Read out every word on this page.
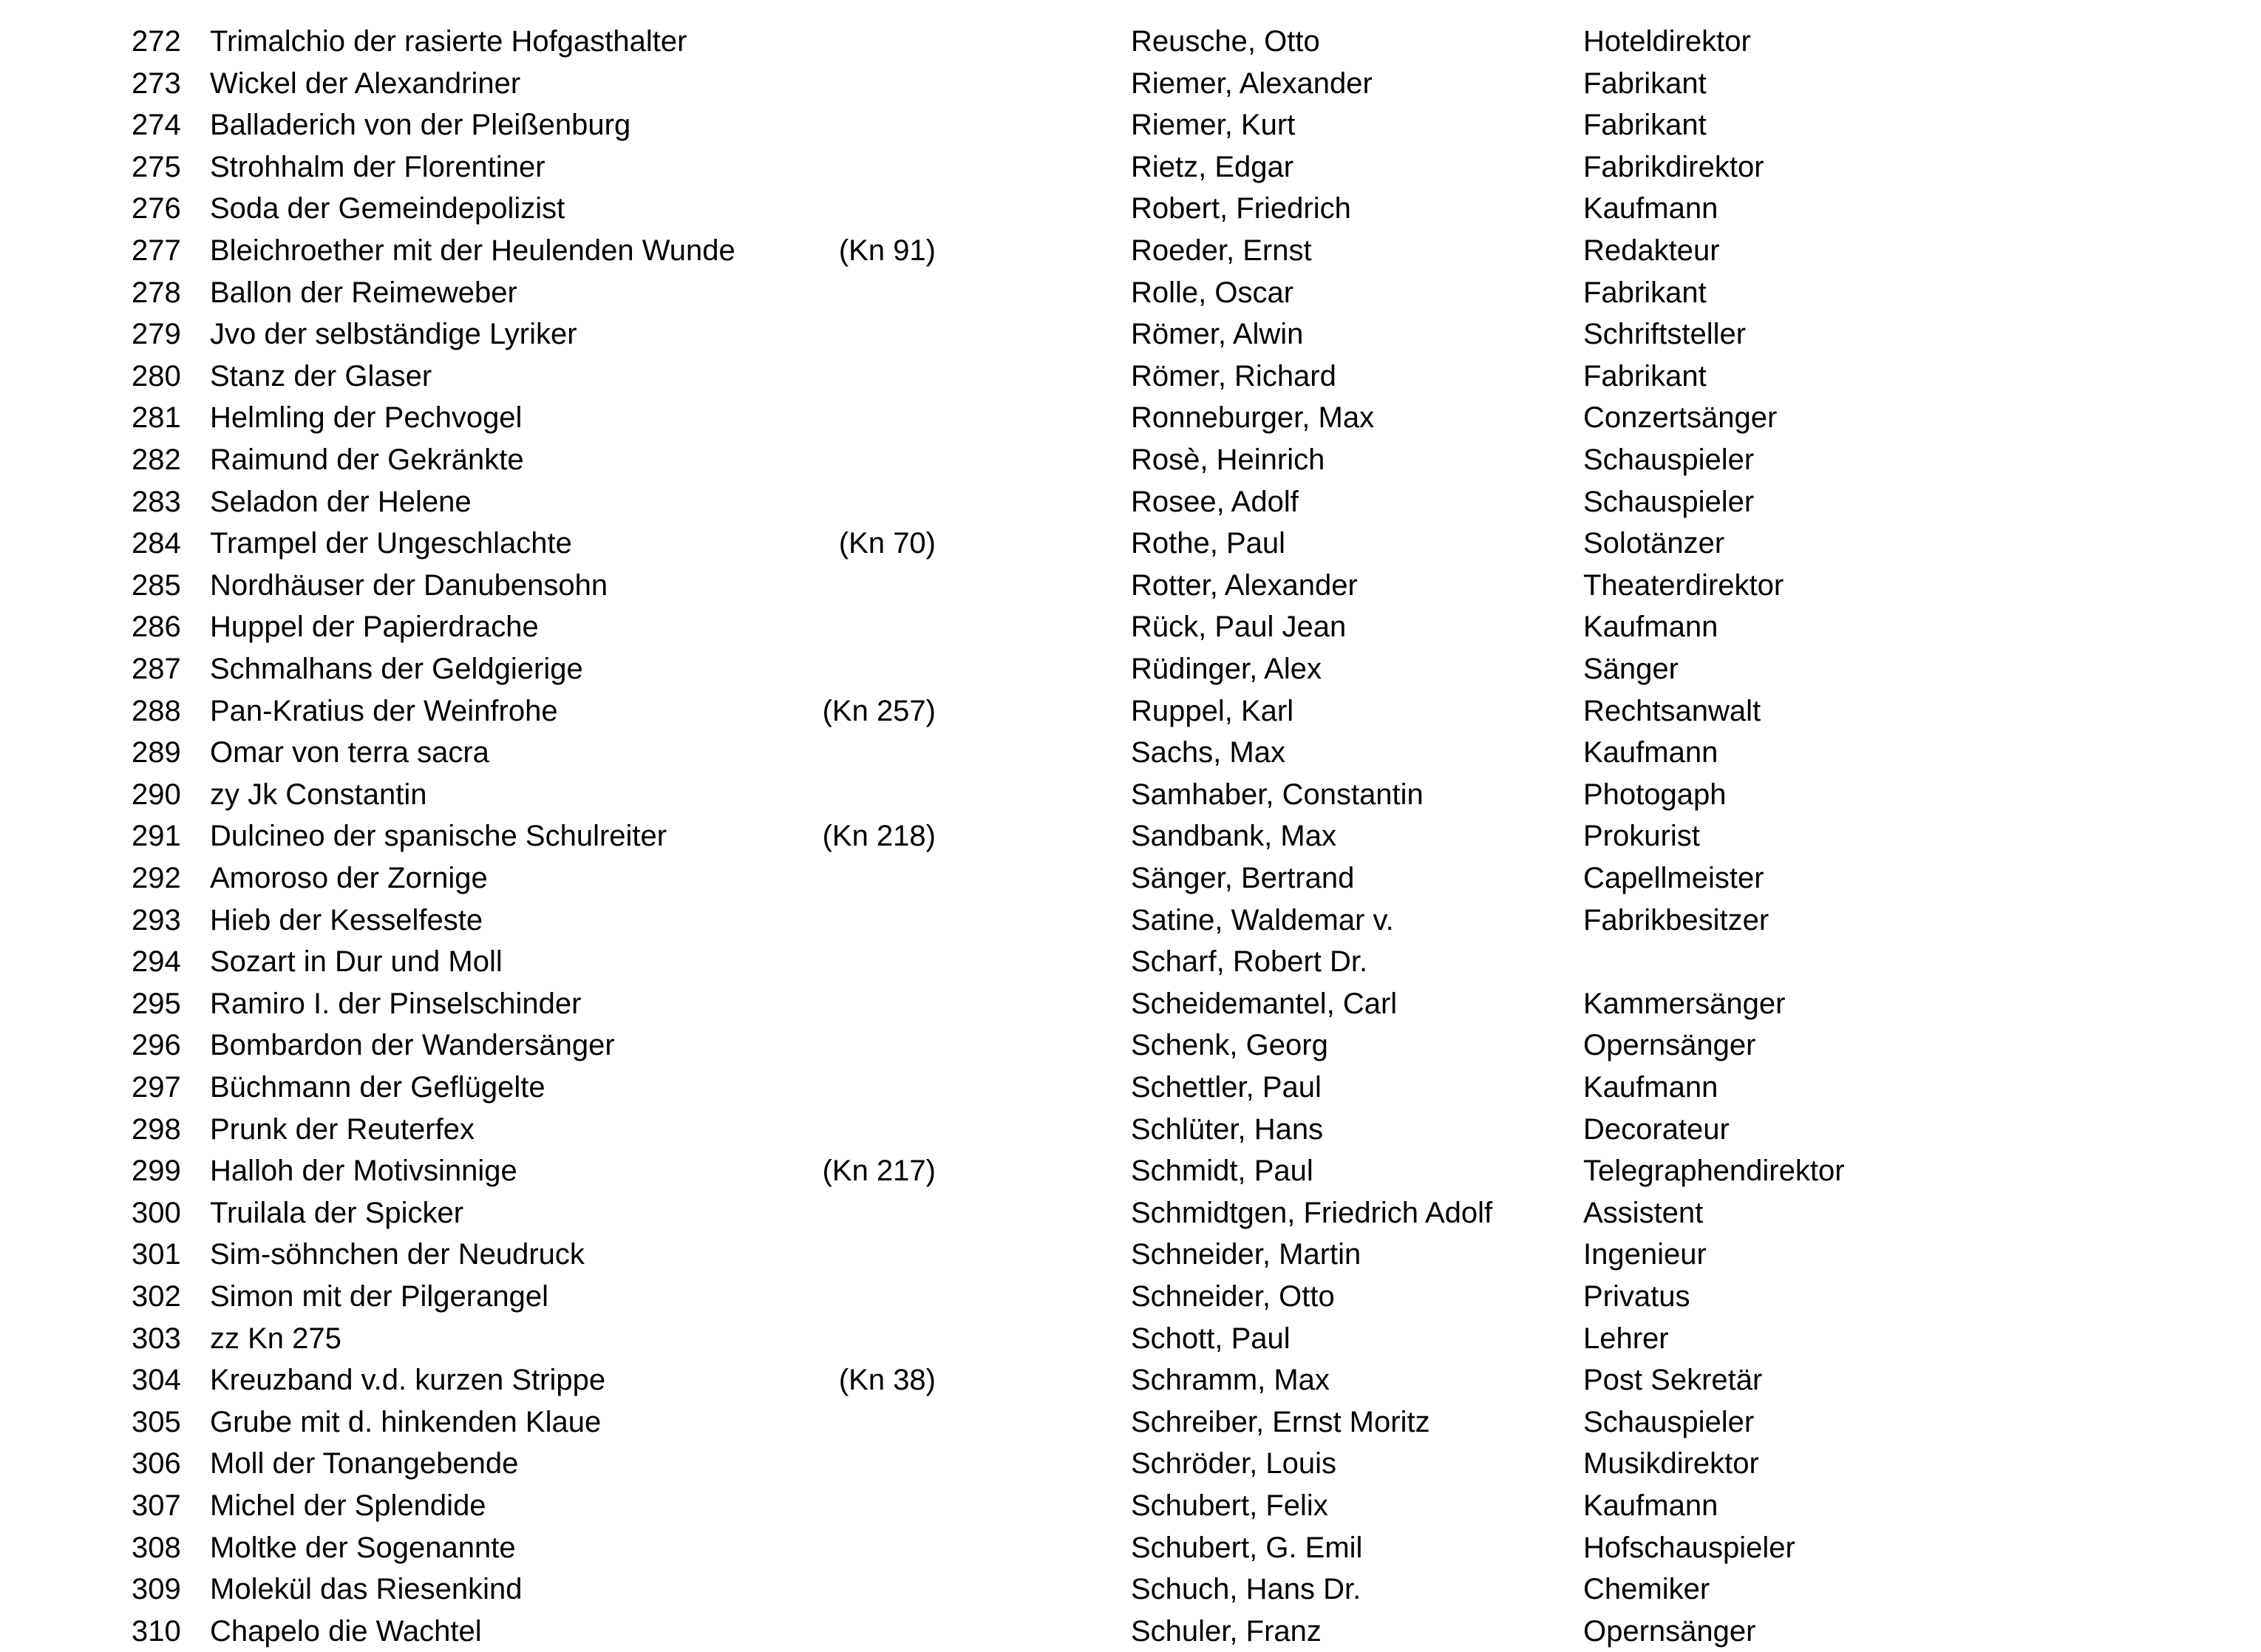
272 Trimalchio der rasierte Hofgasthalter	Reusche, Otto	Hoteldirektor
273 Wickel der Alexandriner	Riemer, Alexander	Fabrikant
274 Balladerich von der Pleißenburg	Riemer, Kurt	Fabrikant
275 Strohhalm der Florentiner	Rietz, Edgar	Fabrikdirektor
276 Soda der Gemeindepolizist	Robert, Friedrich	Kaufmann
277 Bleichroether mit der Heulenden Wunde	(Kn 91)	Roeder, Ernst	Redakteur
278 Ballon der Reimeweber	Rolle, Oscar	Fabrikant
279 Jvo der selbständige Lyriker	Römer, Alwin	Schriftsteller
280 Stanz der Glaser	Römer, Richard	Fabrikant
281 Helmling der Pechvogel	Ronneburger, Max	Conzertsänger
282 Raimund der Gekränkte	Rosè, Heinrich	Schauspieler
283 Seladon der Helene	Rosee, Adolf	Schauspieler
284 Trampel der Ungeschlachte	(Kn 70)	Rothe, Paul	Solotänzer
285 Nordhäuser der Danubensohn	Rotter, Alexander	Theaterdirektor
286 Huppel der Papierdrache	Rück, Paul Jean	Kaufmann
287 Schmalhans der Geldgierige	Rüdinger, Alex	Sänger
288 Pan-Kratius der Weinfrohe	(Kn 257)	Ruppel, Karl	Rechtsanwalt
289 Omar von terra sacra	Sachs, Max	Kaufmann
290 zy Jk Constantin	Samhaber, Constantin	Photogaph
291 Dulcineo der spanische Schulreiter	(Kn 218)	Sandbank, Max	Prokurist
292 Amoroso der Zornige	Sänger, Bertrand	Capellmeister
293 Hieb der Kesselfeste	Satine, Waldemar v.	Fabrikbesitzer
294 Sozart in Dur und Moll	Scharf, Robert Dr.
295 Ramiro I. der Pinselschinder	Scheidemantel, Carl	Kammersänger
296 Bombardon der Wandersänger	Schenk, Georg	Opernsänger
297 Büchmann der Geflügelte	Schettler, Paul	Kaufmann
298 Prunk der Reuterfex	Schlüter, Hans	Decorateur
299 Halloh der Motivsinnige	(Kn 217)	Schmidt, Paul	Telegraphendirektor
300 Truilala der Spicker	Schmidtgen, Friedrich Adolf	Assistent
301 Sim-söhnchen der Neudruck	Schneider, Martin	Ingenieur
302 Simon mit der Pilgerangel	Schneider, Otto	Privatus
303 zz Kn 275	Schott, Paul	Lehrer
304 Kreuzband v.d. kurzen Strippe	(Kn 38)	Schramm, Max	Post Sekretär
305 Grube mit d. hinkenden Klaue	Schreiber, Ernst Moritz	Schauspieler
306 Moll der Tonangebende	Schröder, Louis	Musikdirektor
307 Michel der Splendide	Schubert, Felix	Kaufmann
308 Moltke der Sogenannte	Schubert, G. Emil	Hofschauspieler
309 Molekül das Riesenkind	Schuch, Hans Dr.	Chemiker
310 Chapelo die Wachtel	Schuler, Franz	Opernsänger
